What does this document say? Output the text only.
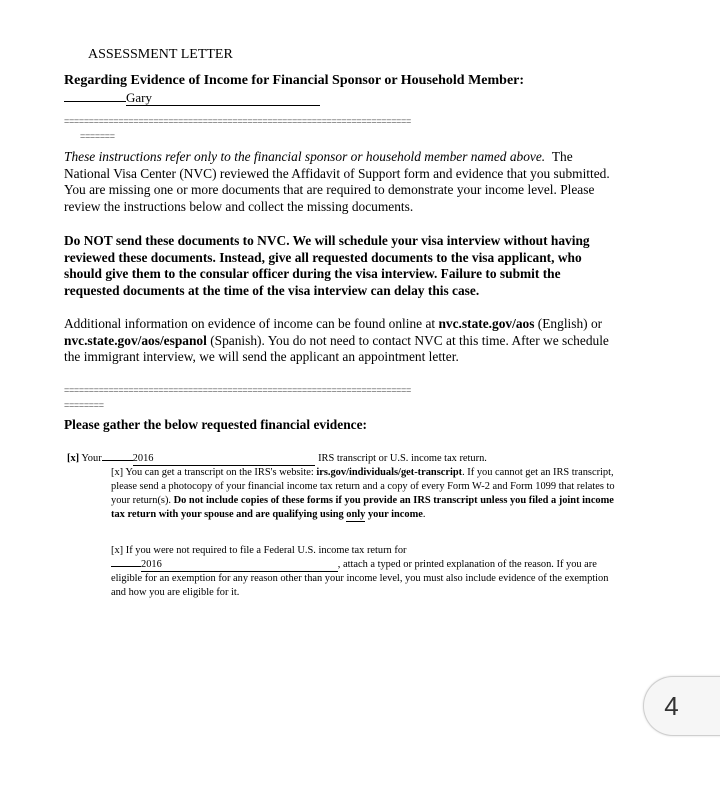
ASSESSMENT LETTER
Regarding Evidence of Income for Financial Sponsor or Household Member:
Gary
======================================================================
=======
These instructions refer only to the financial sponsor or household member named above. The National Visa Center (NVC) reviewed the Affidavit of Support form and evidence that you submitted. You are missing one or more documents that are required to demonstrate your income level. Please review the instructions below and collect the missing documents.
Do NOT send these documents to NVC. We will schedule your visa interview without having reviewed these documents. Instead, give all requested documents to the visa applicant, who should give them to the consular officer during the visa interview. Failure to submit the requested documents at the time of the visa interview can delay this case.
Additional information on evidence of income can be found online at nvc.state.gov/aos (English) or nvc.state.gov/aos/espanol (Spanish). You do not need to contact NVC at this time. After we schedule the immigrant interview, we will send the applicant an appointment letter.
======================================================================
========
Please gather the below requested financial evidence:
[x] Your	2016	IRS transcript or U.S. income tax return.
[x] You can get a transcript on the IRS's website: irs.gov/individuals/get-transcript. If you cannot get an IRS transcript, please send a photocopy of your financial income tax return and a copy of every Form W-2 and Form 1099 that relates to your return(s). Do not include copies of these forms if you provide an IRS transcript unless you filed a joint income tax return with your spouse and are qualifying using only your income.
[x] If you were not required to file a Federal U.S. income tax return for
2016	, attach a typed or printed explanation of the reason. If you are eligible for an exemption for any reason other than your income level, you must also include evidence of the exemption and how you are eligible for it.
4
